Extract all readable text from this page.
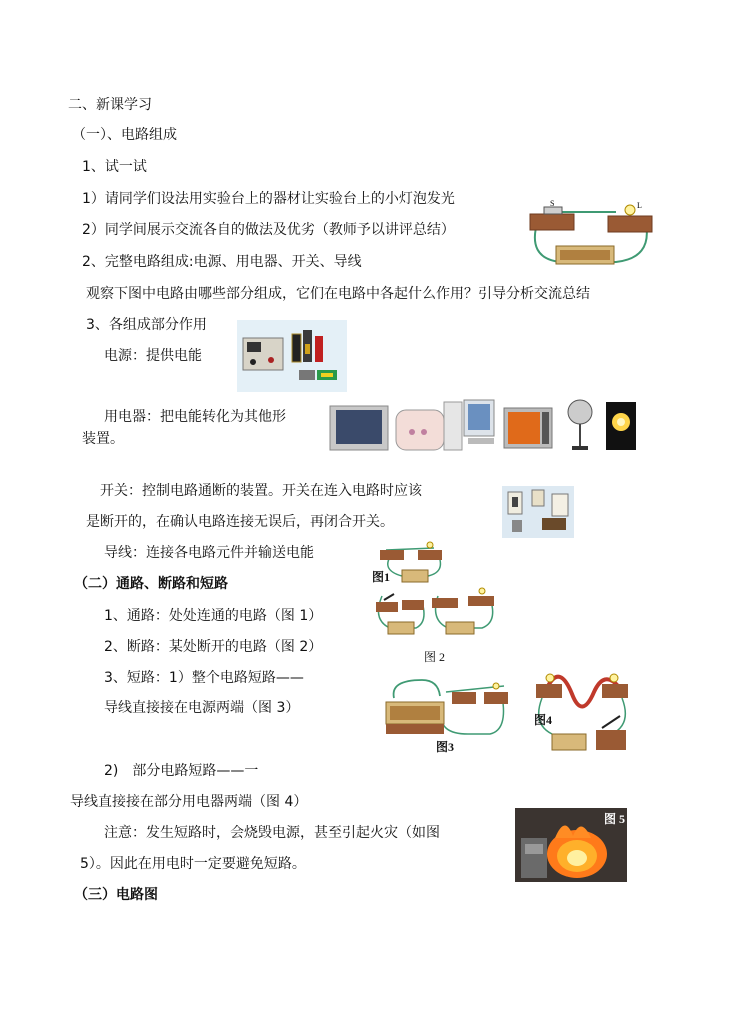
二、新课学习
（一）、电路组成
1、试一试
1）请同学们设法用实验台上的器材让实验台上的小灯泡发光
2）同学间展示交流各自的做法及优劣（教师予以讲评总结）
2、完整电路组成:电源、用电器、开关、导线
观察下图中电路由哪些部分组成，它们在电路中各起什么作用？引导分析交流总结
3、各组成部分作用
电源：提供电能
用电器：把电能转化为其他形
装置。
开关：控制电路通断的装置。开关在连入电路时应该
是断开的，在确认电路连接无误后，再闭合开关。
导线：连接各电路元件并输送电能
（二）通路、断路和短路
1、通路：处处连通的电路（图 1）
2、断路：某处断开的电路（图 2）
3、短路：1）整个电路短路——
导线直接接在电源两端（图 3）
2)　部分电路短路——一
导线直接接在部分用电器两端（图 4）
注意：发生短路时，会烧毁电源，甚至引起火灾（如图
5）。因此在用电时一定要避免短路。
（三）电路图
S	L
图1
图 2
图3
图4
图 5
